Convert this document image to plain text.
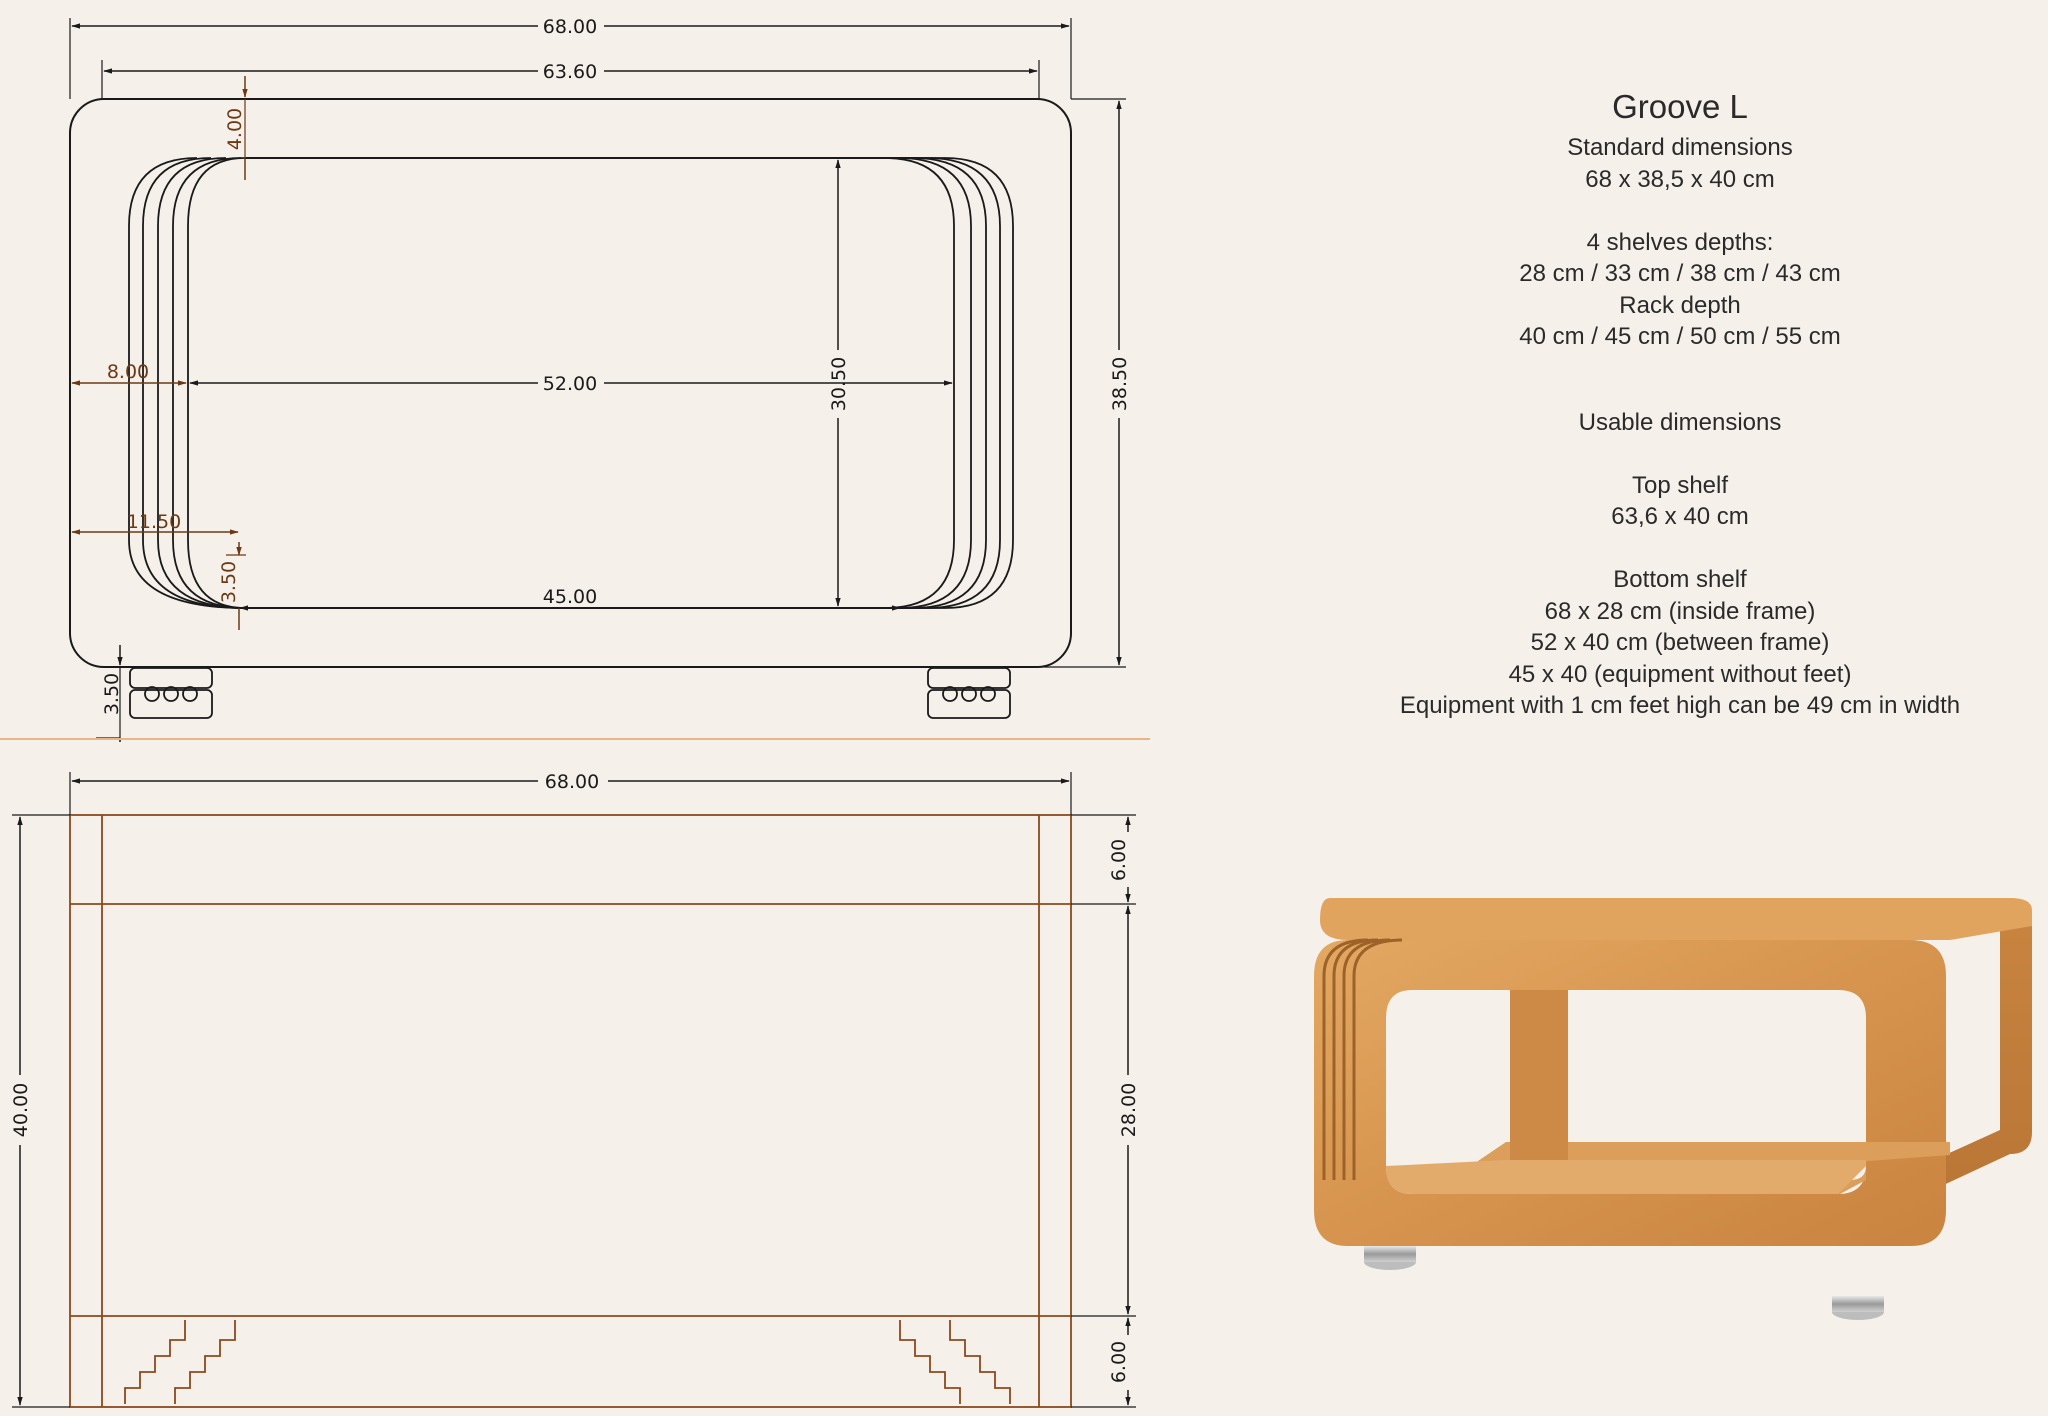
68.00
63.60
38.50
30.50
52.00
45.00
8.00
11.50
4.00
3.50
3.50
68.00
40.00
6.00
28.00
6.00
Groove L
Standard dimensions
68 x 38,5 x 40 cm
4 shelves depths:
28 cm / 33 cm / 38 cm / 43 cm
Rack depth
40 cm / 45 cm / 50 cm / 55 cm
Usable dimensions
Top shelf
63,6 x 40 cm
Bottom shelf
68 x 28 cm (inside frame)
52 x 40 cm (between frame)
45 x 40 (equipment without feet)
Equipment with 1 cm feet high can be 49 cm in width
